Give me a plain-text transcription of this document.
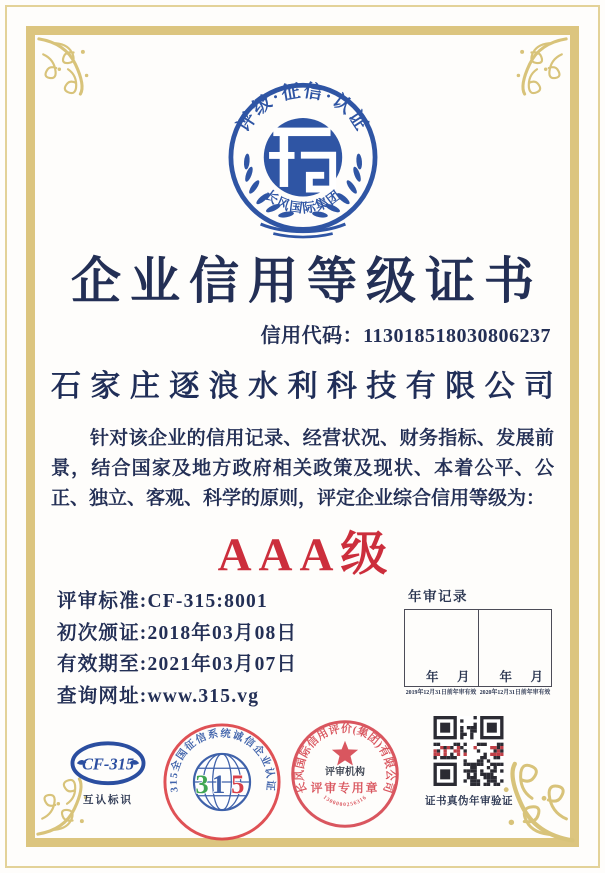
评级·征信·认证
长风国际集团
企业信用等级证书
信用代码：113018518030806237
石家庄逐浪水利科技有限公司
针对该企业的信用记录、经营状况、财务指标、发展前景，结合国家及地方政府相关政策及现状、本着公平、公正、独立、客观、科学的原则，评定企业综合信用等级为：
AAA级
评审标准:CF-315:8001
初次颁证:2018年03月08日
有效期至:2021年03月07日
查询网址:www.315.vg
年审记录
年　月 年　月
2019年12月31日前年审有效 2020年12月31日前年审有效
CF-315
互认标识
315全国征信系统诚信企业认证
3 1 5	评审机构
长风国际信用评价(集团)有限公司
评审专用章
1300000256316	证书真伪年审验证
